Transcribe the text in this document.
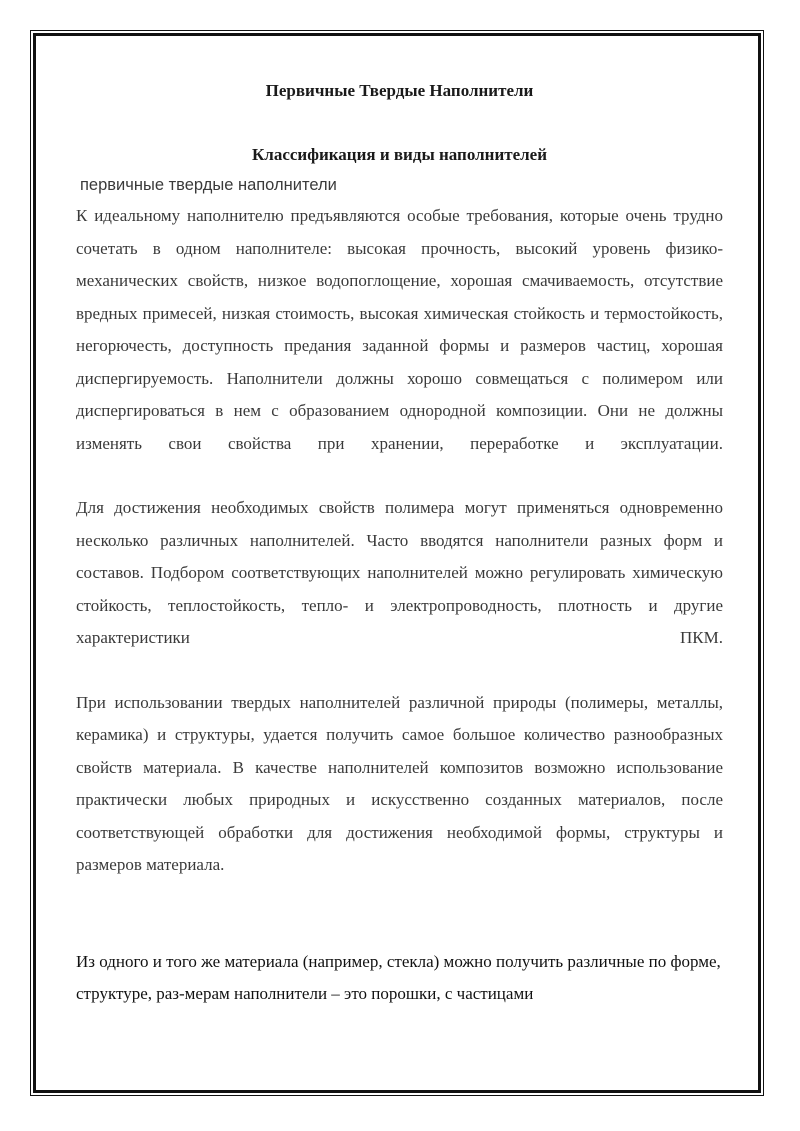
Первичные Твердые Наполнители
Классификация и виды наполнителей
первичные твердые наполнители

К идеальному наполнителю предъявляются особые требования, которые очень трудно сочетать в одном наполнителе: высокая прочность, высокий уровень физико-механических свойств, низкое водопоглощение, хорошая смачиваемость, отсутствие вредных примесей, низкая стоимость, высокая химическая стойкость и термостойкость, негорючесть, доступность предания заданной формы и размеров частиц, хорошая диспергируемость. Наполнители должны хорошо совмещаться с полимером или диспергироваться в нем с образованием однородной композиции. Они не должны изменять свои свойства при хранении, переработке и эксплуатации.

Для достижения необходимых свойств полимера могут применяться одновременно несколько различных наполнителей. Часто вводятся наполнители разных форм и составов. Подбором соответствующих наполнителей можно регулировать химическую стойкость, теплостойкость, тепло- и электропроводность, плотность и другие характеристики ПКМ.

При использовании твердых наполнителей различной природы (полимеры, металлы, керамика) и структуры, удается получить самое большое количество разнообразных свойств материала. В качестве наполнителей композитов возможно использование практически любых природных и искусственно созданных материалов, после соответствующей обработки для достижения необходимой формы, структуры и размеров материала.

Из одного и того же материала (например, стекла) можно получить различные по форме, структуре, раз-мерам наполнители – это порошки, с частицами
